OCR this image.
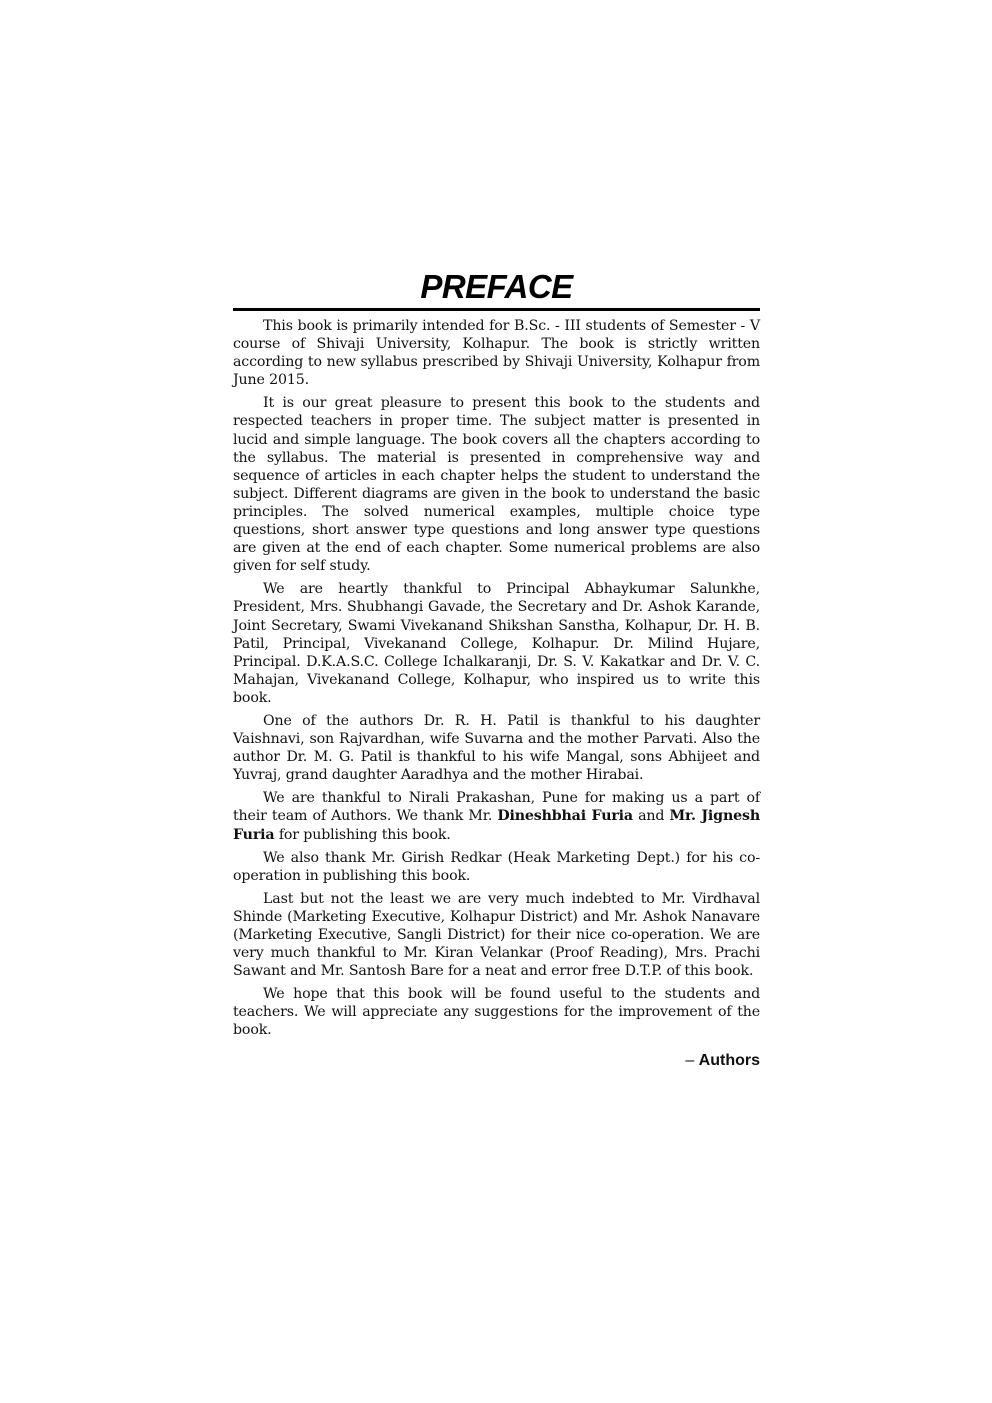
PREFACE

This book is primarily intended for B.Sc. - III students of Semester - V course of Shivaji University, Kolhapur. The book is strictly written according to new syllabus prescribed by Shivaji University, Kolhapur from June 2015.

It is our great pleasure to present this book to the students and respected teachers in proper time. The subject matter is presented in lucid and simple language. The book covers all the chapters according to the syllabus. The material is presented in comprehensive way and sequence of articles in each chapter helps the student to understand the subject. Different diagrams are given in the book to understand the basic principles. The solved numerical examples, multiple choice type questions, short answer type questions and long answer type questions are given at the end of each chapter. Some numerical problems are also given for self study.

We are heartly thankful to Principal Abhaykumar Salunkhe, President, Mrs. Shubhangi Gavade, the Secretary and Dr. Ashok Karande, Joint Secretary, Swami Vivekanand Shikshan Sanstha, Kolhapur, Dr. H. B. Patil, Principal, Vivekanand College, Kolhapur. Dr. Milind Hujare, Principal. D.K.A.S.C. College Ichalkaranji, Dr. S. V. Kakatkar and Dr. V. C. Mahajan, Vivekanand College, Kolhapur, who inspired us to write this book.

One of the authors Dr. R. H. Patil is thankful to his daughter Vaishnavi, son Rajvardhan, wife Suvarna and the mother Parvati. Also the author Dr. M. G. Patil is thankful to his wife Mangal, sons Abhijeet and Yuvraj, grand daughter Aaradhya and the mother Hirabai.

We are thankful to Nirali Prakashan, Pune for making us a part of their team of Authors. We thank Mr. Dineshbhai Furia and Mr. Jignesh Furia for publishing this book.

We also thank Mr. Girish Redkar (Heak Marketing Dept.) for his co-operation in publishing this book.

Last but not the least we are very much indebted to Mr. Virdhaval Shinde (Marketing Executive, Kolhapur District) and Mr. Ashok Nanavare (Marketing Executive, Sangli District) for their nice co-operation. We are very much thankful to Mr. Kiran Velankar (Proof Reading), Mrs. Prachi Sawant and Mr. Santosh Bare for a neat and error free D.T.P. of this book.

We hope that this book will be found useful to the students and teachers. We will appreciate any suggestions for the improvement of the book.

– Authors
